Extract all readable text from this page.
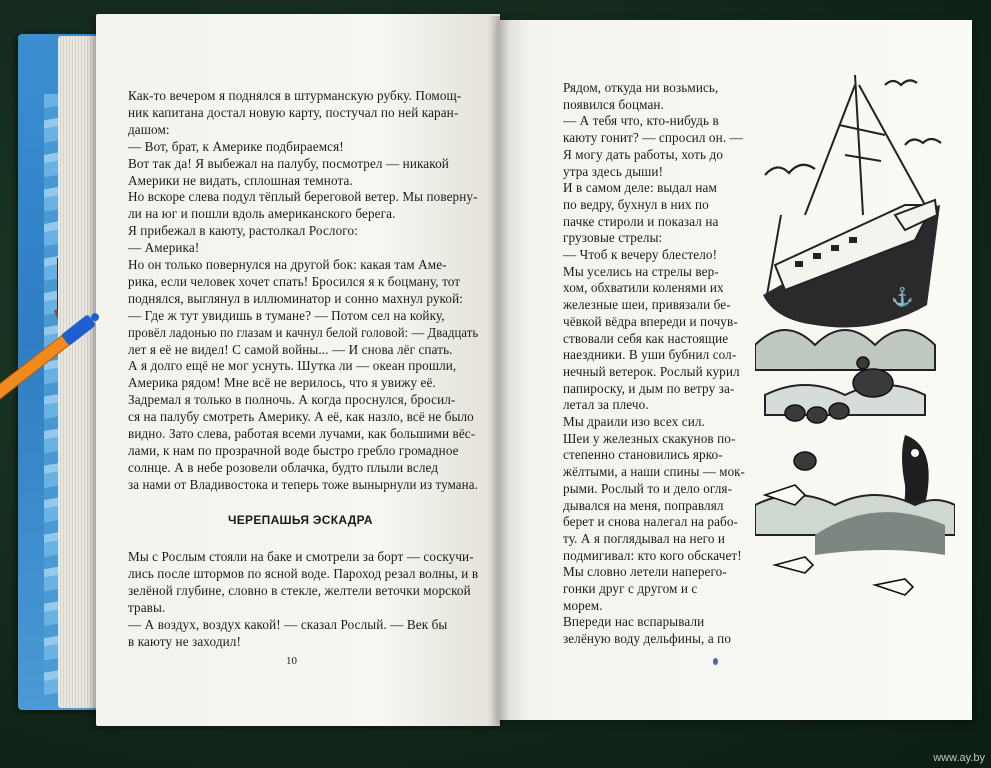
Как-то вечером я поднялся в штурманскую рубку. Помощ-
ник капитана достал новую карту, постучал по ней каран-
дашом:
— Вот, брат, к Америке подбираемся!
Вот так да! Я выбежал на палубу, посмотрел — никакой
Америки не видать, сплошная темнота.
Но вскоре слева подул тёплый береговой ветер. Мы поверну-
ли на юг и пошли вдоль американского берега.
Я прибежал в каюту, растолкал Рослого:
— Америка!
Но он только повернулся на другой бок: какая там Аме-
рика, если человек хочет спать! Бросился я к боцману, тот
поднялся, выглянул в иллюминатор и сонно махнул рукой:
— Где ж тут увидишь в тумане? — Потом сел на койку,
провёл ладонью по глазам и качнул белой головой: — Двадцать
лет я её не видел! С самой войны... — И снова лёг спать.
А я долго ещё не мог уснуть. Шутка ли — океан прошли,
Америка рядом! Мне всё не верилось, что я увижу её.
Задремал я только в полночь. А когда проснулся, бросил-
ся на палубу смотреть Америку. А её, как назло, всё не было
видно. Зато слева, работая всеми лучами, как большими вёс-
лами, к нам по прозрачной воде быстро гребло громадное
солнце. А в небе розовели облачка, будто плыли вслед
за нами от Владивостока и теперь тоже вынырнули из тумана.
Мы с Рослым стояли на баке и смотрели за борт — соскучи-
лись после штормов по ясной воде. Пароход резал волны, и в
зелёной глубине, словно в стекле, желтели веточки морской
травы.
— А воздух, воздух какой! — сказал Рослый. — Век бы
в каюту не заходил!
ЧЕРЕПАШЬЯ ЭСКАДРА
10
Рядом, откуда ни возьмись,
появился боцман.
— А тебя что, кто-нибудь в
каюту гонит? — спросил он. —
Я могу дать работы, хоть до
утра здесь дыши!
И в самом деле: выдал нам
по ведру, бухнул в них по
пачке стироли и показал на
грузовые стрелы:
— Чтоб к вечеру блестело!
Мы уселись на стрелы вер-
хом, обхватили коленями их
железные шеи, привязали бе-
чёвкой вёдра впереди и почув-
ствовали себя как настоящие
наездники. В уши бубнил сол-
нечный ветерок. Рослый курил
папироску, и дым по ветру за-
летал за плечо.
Мы драили изо всех сил.
Шеи у железных скакунов по-
степенно становились ярко-
жёлтыми, а наши спины — мок-
рыми. Рослый то и дело огля-
дывался на меня, поправлял
берет и снова налегал на рабо-
ту. А я поглядывал на него и
подмигивал: кто кого обскачет!
Мы словно летели наперего-
гонки друг с другом и с
морем.
Впереди нас вспарывали
зелёную воду дельфины, а по
⚓
www.ay.by
